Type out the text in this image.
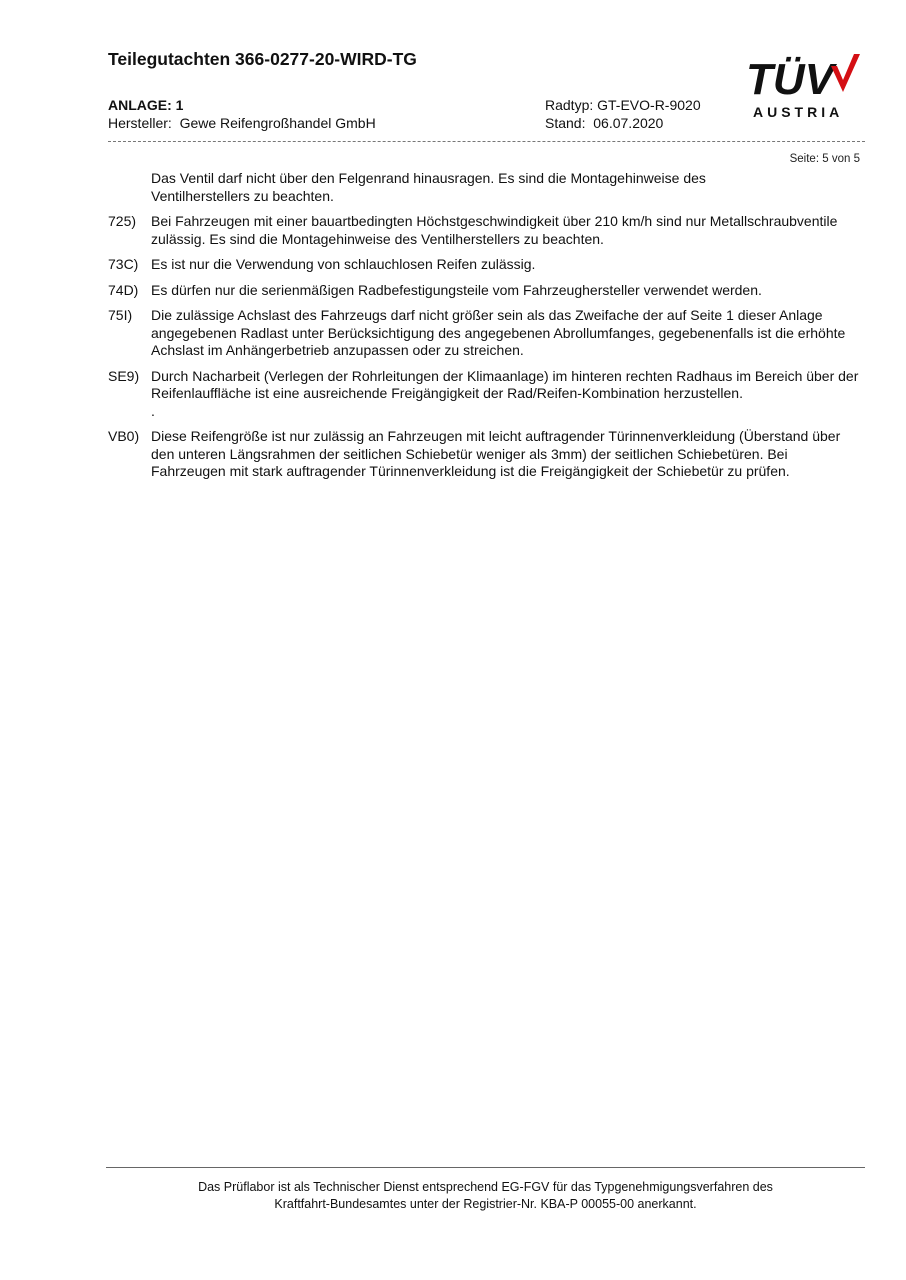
Teilegutachten 366-0277-20-WIRD-TG
ANLAGE: 1
Hersteller: Gewe Reifengroßhandel GmbH
Radtyp: GT-EVO-R-9020
Stand: 06.07.2020
TÜV
AUSTRIA
Seite: 5 von 5
Das Ventil darf nicht über den Felgenrand hinausragen. Es sind die Montagehinweise des Ventilherstellers zu beachten.
725)	Bei Fahrzeugen mit einer bauartbedingten Höchstgeschwindigkeit über 210 km/h sind nur Metallschraubventile zulässig. Es sind die Montagehinweise des Ventilherstellers zu beachten.
73C) Es ist nur die Verwendung von schlauchlosen Reifen zulässig.
74D) Es dürfen nur die serienmäßigen Radbefestigungsteile vom Fahrzeughersteller verwendet werden.
75I)	Die zulässige Achslast des Fahrzeugs darf nicht größer sein als das Zweifache der auf Seite 1 dieser Anlage angegebenen Radlast unter Berücksichtigung des angegebenen Abrollumfanges, gegebenenfalls ist die erhöhte Achslast im Anhängerbetrieb anzupassen oder zu streichen.
SE9) Durch Nacharbeit (Verlegen der Rohrleitungen der Klimaanlage) im hinteren rechten Radhaus im Bereich über der Reifenlauffläche ist eine ausreichende Freigängigkeit der Rad/Reifen-Kombination herzustellen.
.
VB0) Diese Reifengröße ist nur zulässig an Fahrzeugen mit leicht auftragender Türinnenverkleidung (Überstand über den unteren Längsrahmen der seitlichen Schiebetür weniger als 3mm) der seitlichen Schiebetüren. Bei Fahrzeugen mit stark auftragender Türinnenverkleidung ist die Freigängigkeit der Schiebetür zu prüfen.
Das Prüflabor ist als Technischer Dienst entsprechend EG-FGV für das Typgenehmigungsverfahren des
Kraftfahrt-Bundesamtes unter der Registrier-Nr. KBA-P 00055-00 anerkannt.
